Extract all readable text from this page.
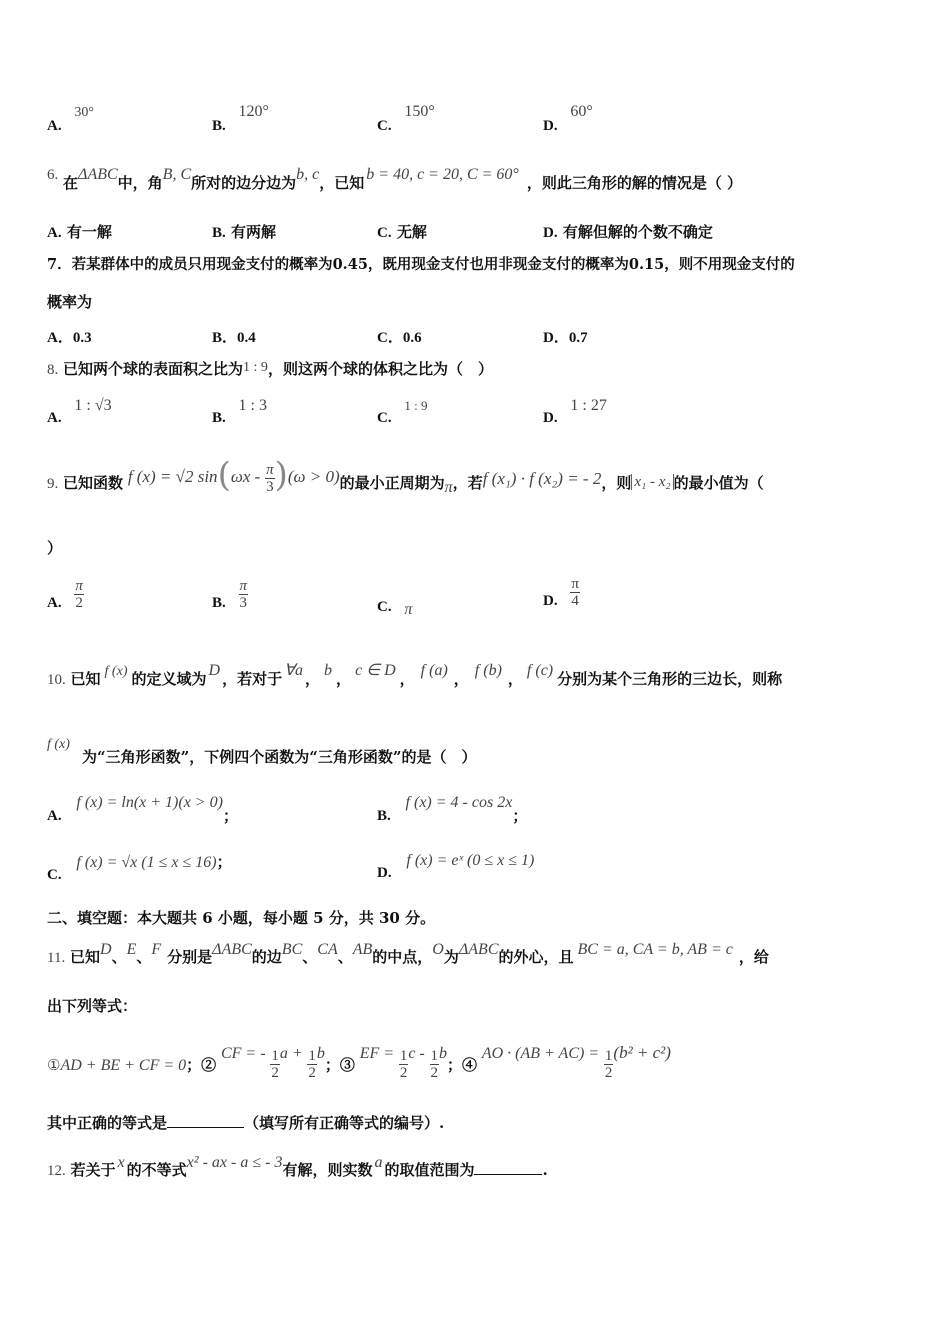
A. 30°
B. 120°
C. 150°
D. 60°
6. 在ΔABC中，角B, C所对的边分边为b, c，已知 b = 40, c = 20, C = 60° ，则此三角形的解的情况是（ ）
A. 有一解	B. 有两解	C. 无解	D. 有解但解的个数不确定
7．若某群体中的成员只用现金支付的概率为0.45，既用现金支付也用非现金支付的概率为0.15，则不用现金支付的
概率为
A．0.3	B．0.4	C．0.6	D．0.7
8. 已知两个球的表面积之比为1 : 9，则这两个球的体积之比为（　）
A. 1 : √3
B. 1 : 3
C. 1 : 9
D. 1 : 27
9. 已知函数 f (x) = √2 $\sin(\omega x - \frac{\pi}{3} )(\omega > 0)$的最小正周期为π，若f (x₁) · f (x₂) = - 2，则 x₁ - x₂ 的最小值为（
）
A. $\frac{\pi}{2}$	B. $\frac{\pi}{3}$	C. π
D. $\frac{\pi}{4}$
10. 已知 f (x) 的定义域为 D ，若对于 ∀a ， b ， c ∈ D ， f (a) ， f (b) ， f (c) 分别为某个三角形的三边长，则称
f (x)
为“三角形函数”，下例四个函数为“三角形函数”的是（　）
A. f (x) = ln(x + 1)(x > 0)；	B. f (x) = 4 - cos 2x；
C. f (x) = √x (1 ≤ x ≤ 16)；
D. f (x) = eˣ (0 ≤ x ≤ 1)
二、填空题：本大题共 6 小题，每小题 5 分，共 30 分。
11. 已知D、E、F 分别是ΔABC的边BC、CA、AB的中点，O为ΔABC的外心，且 BC = a, CA = b, AB = c ，给
出下列等式：
①AD + BE + CF = 0；② CF = - $\frac{1}{2}$ $a + \frac{1}{2}$ b；③ EF = $\frac{1}{2}$ c - $\frac{1}{2}$ b；④ AO · $(AB + AC) = \frac{1}{2} (b^2 + c^2)$
其中正确的等式是	（填写所有正确等式的编号）.
12. 若关于 x 的不等式x² - ax - a ≤ - 3有解，则实数 a 的取值范围为	.
